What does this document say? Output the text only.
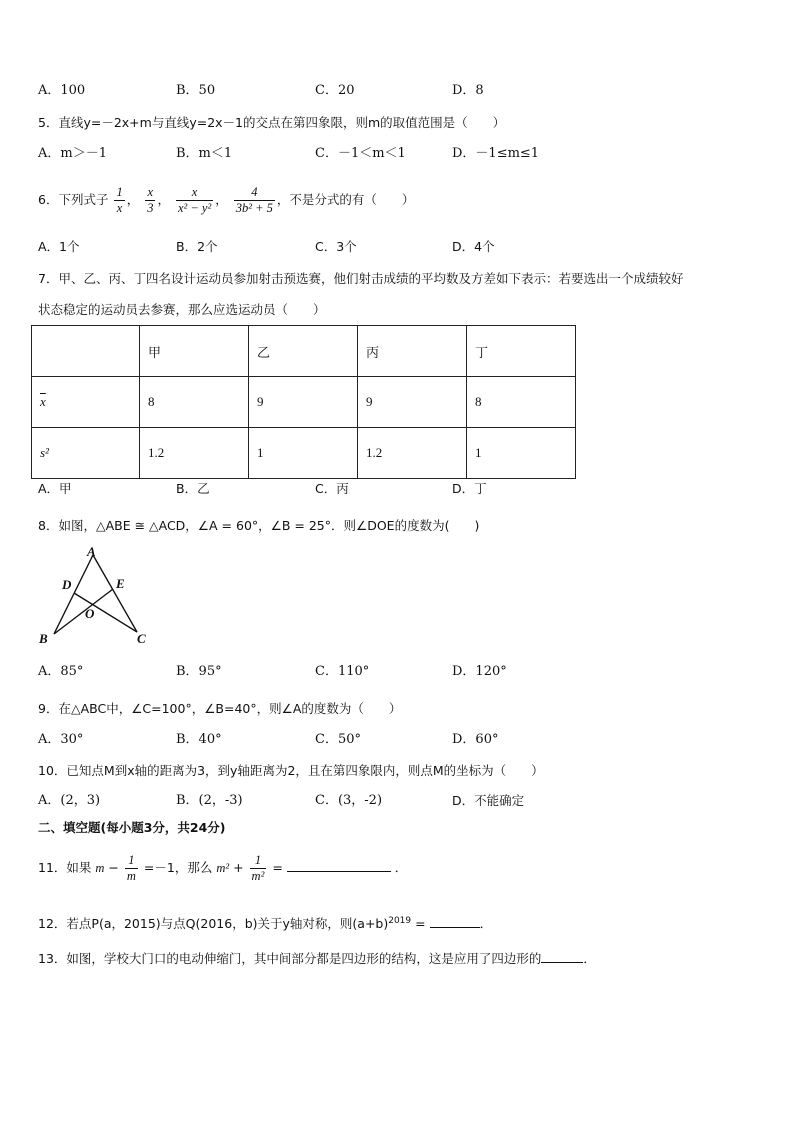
A．100	B．50	C．20	D．8
5．直线y=－2x+m与直线y=2x－1的交点在第四象限，则m的取值范围是（　　）
A．m＞－1	B．m＜1	C．－1＜m＜1	D．－1≤m≤1
6．下列式子 $\frac{1}{x}$ ， $\frac{x}{3}$ ， $\frac{x}{\text{x² − y²}}$ ， $\frac{4}{\text{3b² + 5}}$ ，不是分式的有（　　）
A．1个	B．2个	C．3个	D．4个
7．甲、乙、丙、丁四名设计运动员参加射击预选赛，他们射击成绩的平均数及方差如下表示：若要选出一个成绩较好
状态稳定的运动员去参赛，那么应选运动员（　　）
	甲	乙	丙	丁
$\overline{x}$	8	9	9	8
s²	1.2	1	1.2	1
A．甲	B．乙	C．丙	D．丁
8．如图，△ABE ≅ △ACD，∠A = 60°，∠B = 25°．则∠DOE的度数为(　　)
A
D	E
O
B	C
A．85°	B．95°	C．110°	D．120°
9．在△ABC中，∠C=100°，∠B=40°，则∠A的度数为（　　）
A．30°	B．40°	C．50°	D．60°
10．已知点M到x轴的距离为3，到y轴距离为2，且在第四象限内，则点M的坐标为（　　）
A．(2，3)	B．(2，-3)	C．(3，-2)	D．不能确定
二、填空题(每小题3分，共24分)
11．如果 $m - \frac{1}{m} =-1$，那么 $m^2 + \frac{1}{\text{m²}}$ =	．
12．若点P(a，2015)与点Q(2016，b)关于y轴对称，则$(a+b)^{2019}$ =	．
13．如图，学校大门口的电动伸缩门，其中间部分都是四边形的结构，这是应用了四边形的	．
